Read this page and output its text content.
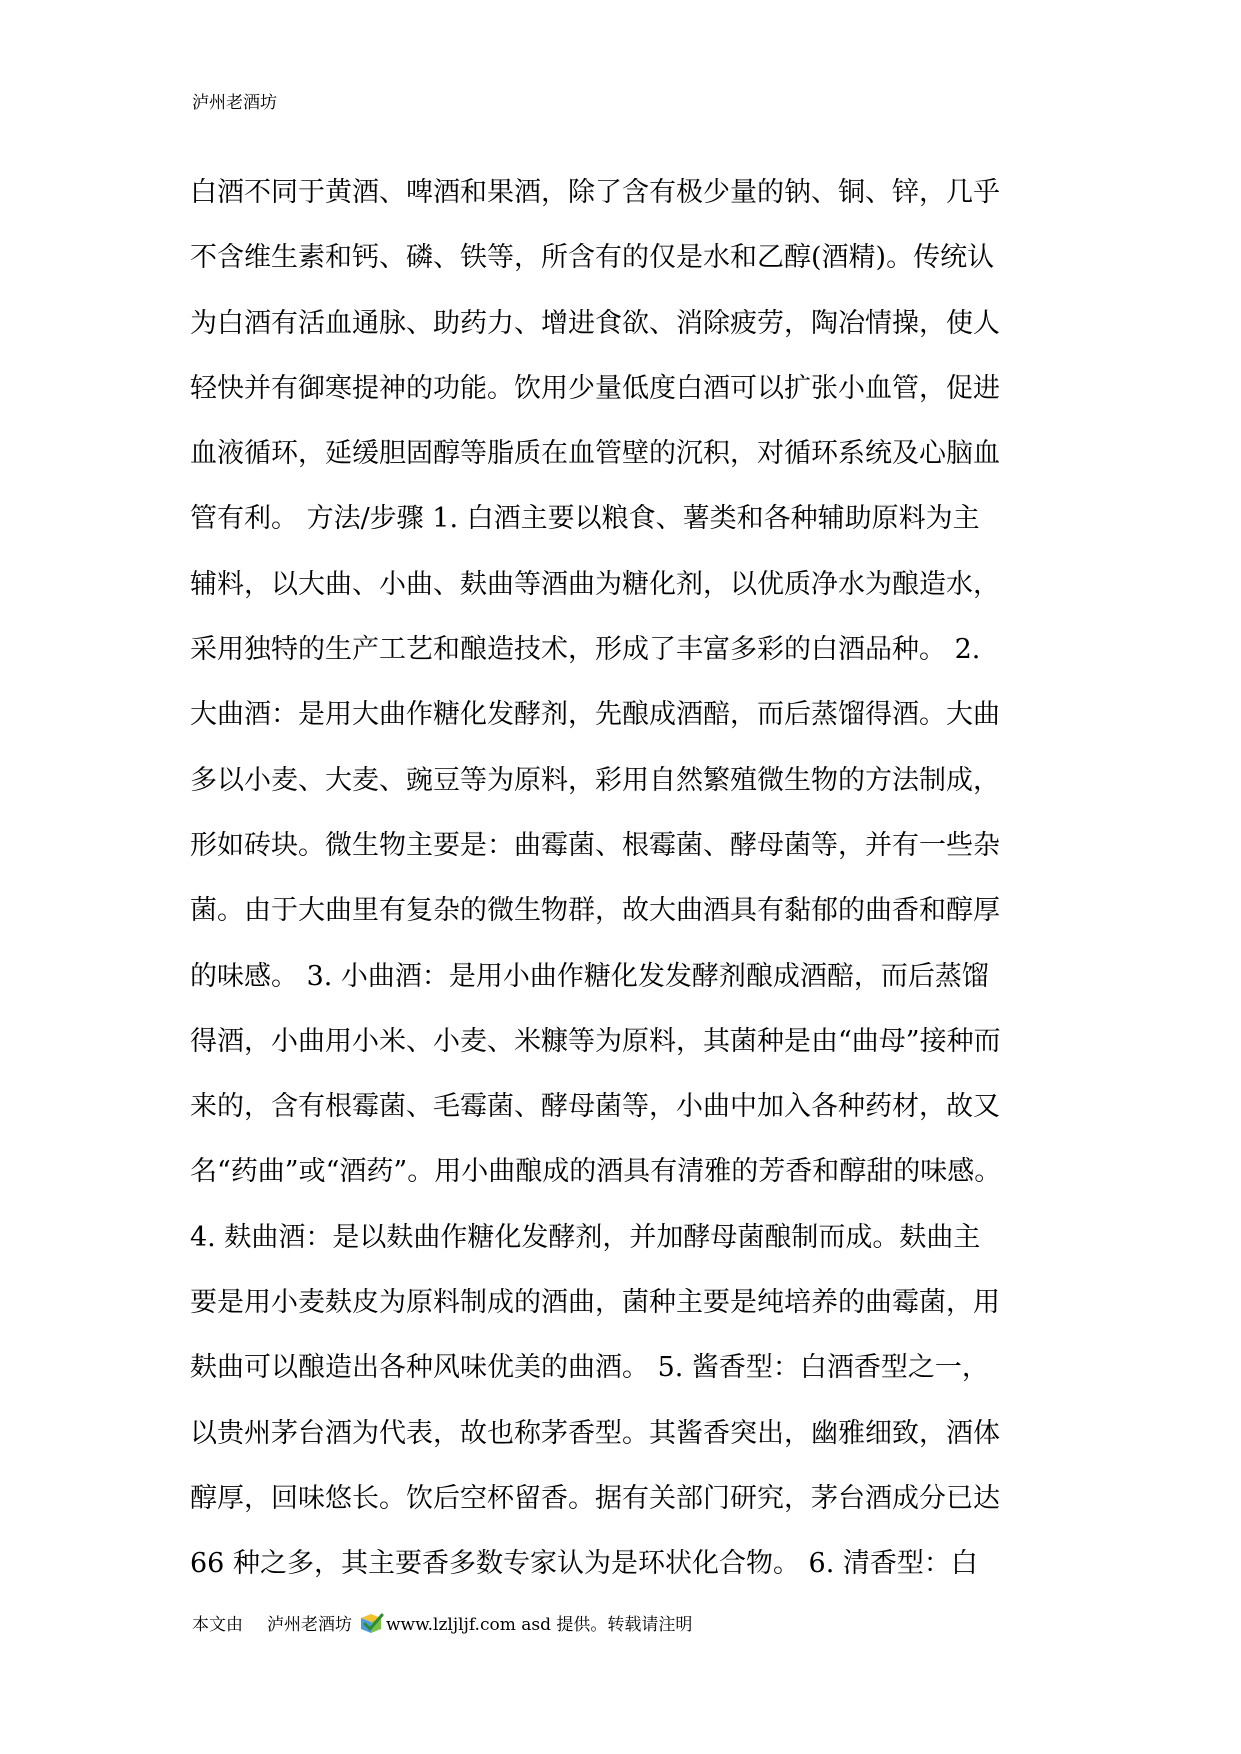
泸州老酒坊

白酒不同于黄酒、啤酒和果酒，除了含有极少量的钠、铜、锌，几乎
不含维生素和钙、磷、铁等，所含有的仅是水和乙醇(酒精)。传统认
为白酒有活血通脉、助药力、增进食欲、消除疲劳，陶冶情操，使人
轻快并有御寒提神的功能。饮用少量低度白酒可以扩张小血管，促进
血液循环，延缓胆固醇等脂质在血管壁的沉积，对循环系统及心脑血
管有利。 方法/步骤 1. 白酒主要以粮食、薯类和各种辅助原料为主
辅料，以大曲、小曲、麸曲等酒曲为糖化剂，以优质净水为酿造水，
采用独特的生产工艺和酿造技术，形成了丰富多彩的白酒品种。 2.
大曲酒：是用大曲作糖化发酵剂，先酿成酒醅，而后蒸馏得酒。大曲
多以小麦、大麦、豌豆等为原料，彩用自然繁殖微生物的方法制成，
形如砖块。微生物主要是：曲霉菌、根霉菌、酵母菌等，并有一些杂
菌。由于大曲里有复杂的微生物群，故大曲酒具有黏郁的曲香和醇厚
的味感。 3. 小曲酒：是用小曲作糖化发发酵剂酿成酒醅，而后蒸馏
得酒，小曲用小米、小麦、米糠等为原料，其菌种是由“曲母”接种而
来的，含有根霉菌、毛霉菌、酵母菌等，小曲中加入各种药材，故又
名“药曲”或“酒药”。用小曲酿成的酒具有清雅的芳香和醇甜的味感。
4. 麸曲酒：是以麸曲作糖化发酵剂，并加酵母菌酿制而成。麸曲主
要是用小麦麸皮为原料制成的酒曲，菌种主要是纯培养的曲霉菌，用
麸曲可以酿造出各种风味优美的曲酒。 5. 酱香型：白酒香型之一，
以贵州茅台酒为代表，故也称茅香型。其酱香突出，幽雅细致，酒体
醇厚，回味悠长。饮后空杯留香。据有关部门研究，茅台酒成分已达
66 种之多，其主要香多数专家认为是环状化合物。 6. 清香型：白

本文由 泸州老酒坊 www.lzljljf.com asd 提供。转载请注明
